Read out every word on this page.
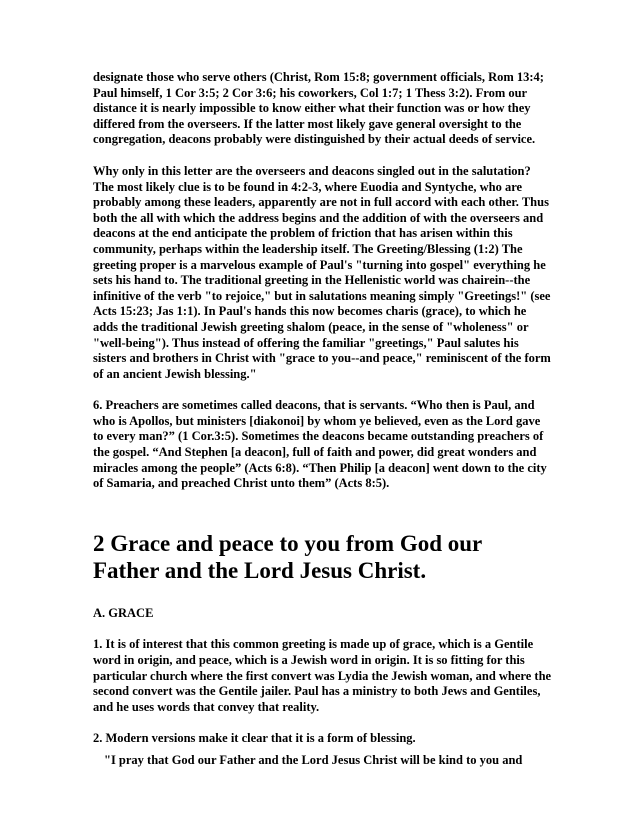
designate those who serve others (Christ, Rom 15:8; government officials, Rom 13:4; Paul himself, 1 Cor 3:5; 2 Cor 3:6; his coworkers, Col 1:7; 1 Thess 3:2). From our distance it is nearly impossible to know either what their function was or how they differed from the overseers. If the latter most likely gave general oversight to the congregation, deacons probably were distinguished by their actual deeds of service.

Why only in this letter are the overseers and deacons singled out in the salutation? The most likely clue is to be found in 4:2-3, where Euodia and Syntyche, who are probably among these leaders, apparently are not in full accord with each other. Thus both the all with which the address begins and the addition of with the overseers and deacons at the end anticipate the problem of friction that has arisen within this community, perhaps within the leadership itself. The Greeting/Blessing (1:2) The greeting proper is a marvelous example of Paul's "turning into gospel" everything he sets his hand to. The traditional greeting in the Hellenistic world was chairein--the infinitive of the verb "to rejoice," but in salutations meaning simply "Greetings!" (see Acts 15:23; Jas 1:1). In Paul's hands this now becomes charis (grace), to which he adds the traditional Jewish greeting shalom (peace, in the sense of "wholeness" or "well-being"). Thus instead of offering the familiar "greetings," Paul salutes his sisters and brothers in Christ with "grace to you--and peace," reminiscent of the form of an ancient Jewish blessing."

6. Preachers are sometimes called deacons, that is servants. “Who then is Paul, and who is Apollos, but ministers [diakonoi] by whom ye believed, even as the Lord gave to every man?” (1 Cor.3:5). Sometimes the deacons became outstanding preachers of the gospel. “And Stephen [a deacon], full of faith and power, did great wonders and miracles among the people” (Acts 6:8). “Then Philip [a deacon] went down to the city of Samaria, and preached Christ unto them” (Acts 8:5).

2 Grace and peace to you from God our Father and the Lord Jesus Christ.

A. GRACE

1. It is of interest that this common greeting is made up of grace, which is a Gentile word in origin, and peace, which is a Jewish word in origin. It is so fitting for this particular church where the first convert was Lydia the Jewish woman, and where the second convert was the Gentile jailer. Paul has a ministry to both Jews and Gentiles, and he uses words that convey that reality.

2. Modern versions make it clear that it is a form of blessing.

"I pray that God our Father and the Lord Jesus Christ will be kind to you and
